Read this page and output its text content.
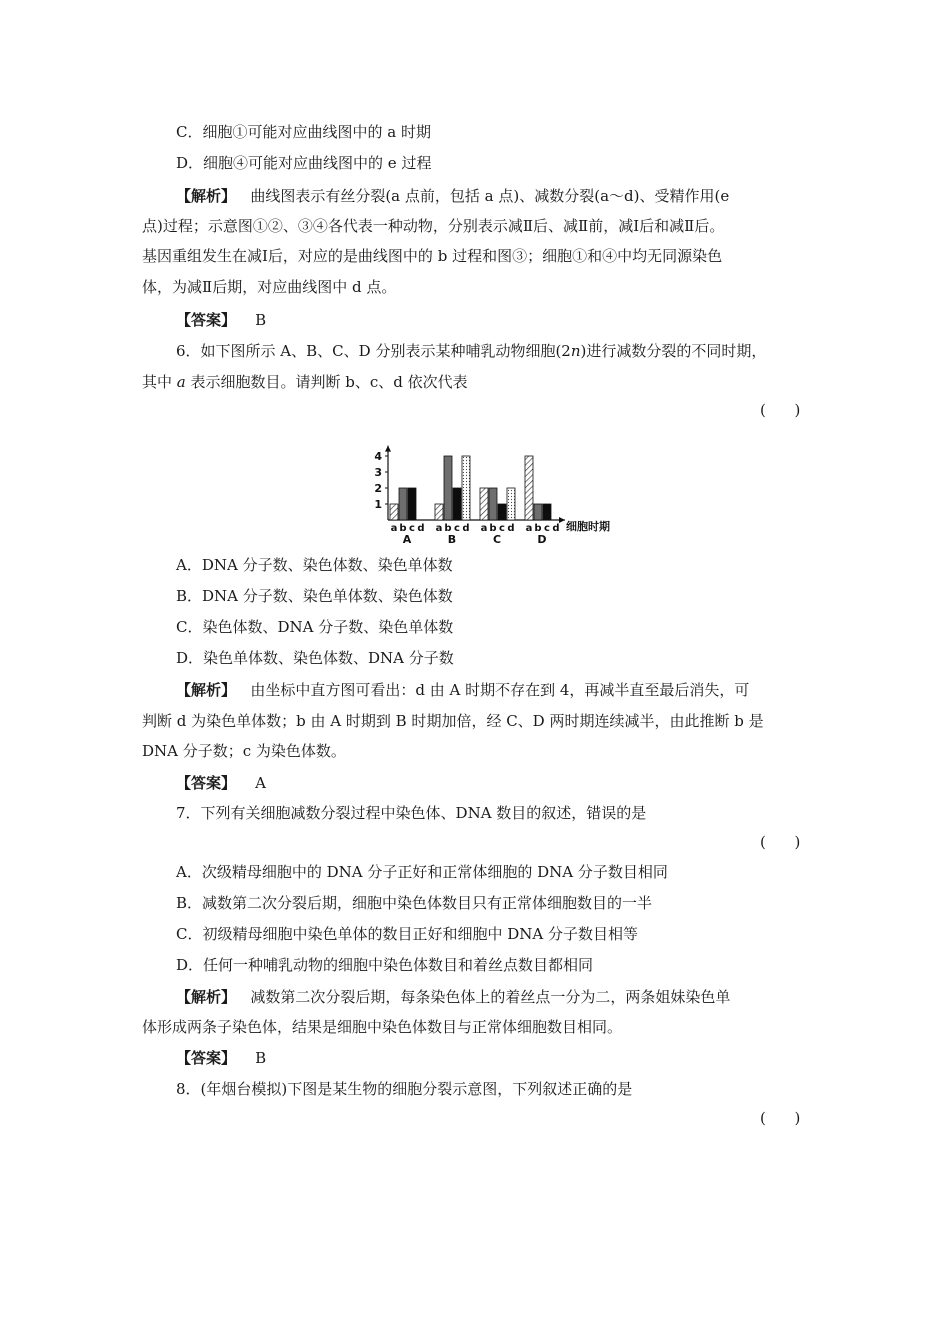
C．细胞①可能对应曲线图中的 a 时期
D．细胞④可能对应曲线图中的 e 过程
【解析】 曲线图表示有丝分裂(a 点前，包括 a 点)、减数分裂(a～d)、受精作用(e
点)过程；示意图①②、③④各代表一种动物，分别表示减Ⅱ后、减Ⅱ前，减Ⅰ后和减Ⅱ后。
基因重组发生在减Ⅰ后，对应的是曲线图中的 b 过程和图③；细胞①和④中均无同源染色
体，为减Ⅱ后期，对应曲线图中 d 点。
【答案】 B
6．如下图所示 A、B、C、D 分别表示某种哺乳动物细胞(2n)进行减数分裂的不同时期，
其中 a 表示细胞数目。请判断 b、c、d 依次代表
(      )
1
2
3
4
细胞时期
a b c d
A
a b c d
B
a b c d
C
a b c d
D
A．DNA 分子数、染色体数、染色单体数
B．DNA 分子数、染色单体数、染色体数
C．染色体数、DNA 分子数、染色单体数
D．染色单体数、染色体数、DNA 分子数
【解析】 由坐标中直方图可看出：d 由 A 时期不存在到 4，再减半直至最后消失，可
判断 d 为染色单体数；b 由 A 时期到 B 时期加倍，经 C、D 两时期连续减半，由此推断 b 是
DNA 分子数；c 为染色体数。
【答案】 A
7．下列有关细胞减数分裂过程中染色体、DNA 数目的叙述，错误的是
(      )
A．次级精母细胞中的 DNA 分子正好和正常体细胞的 DNA 分子数目相同
B．减数第二次分裂后期，细胞中染色体数目只有正常体细胞数目的一半
C．初级精母细胞中染色单体的数目正好和细胞中 DNA 分子数目相等
D．任何一种哺乳动物的细胞中染色体数目和着丝点数目都相同
【解析】 减数第二次分裂后期，每条染色体上的着丝点一分为二，两条姐妹染色单
体形成两条子染色体，结果是细胞中染色体数目与正常体细胞数目相同。
【答案】 B
8．(年烟台模拟)下图是某生物的细胞分裂示意图，下列叙述正确的是
(      )
